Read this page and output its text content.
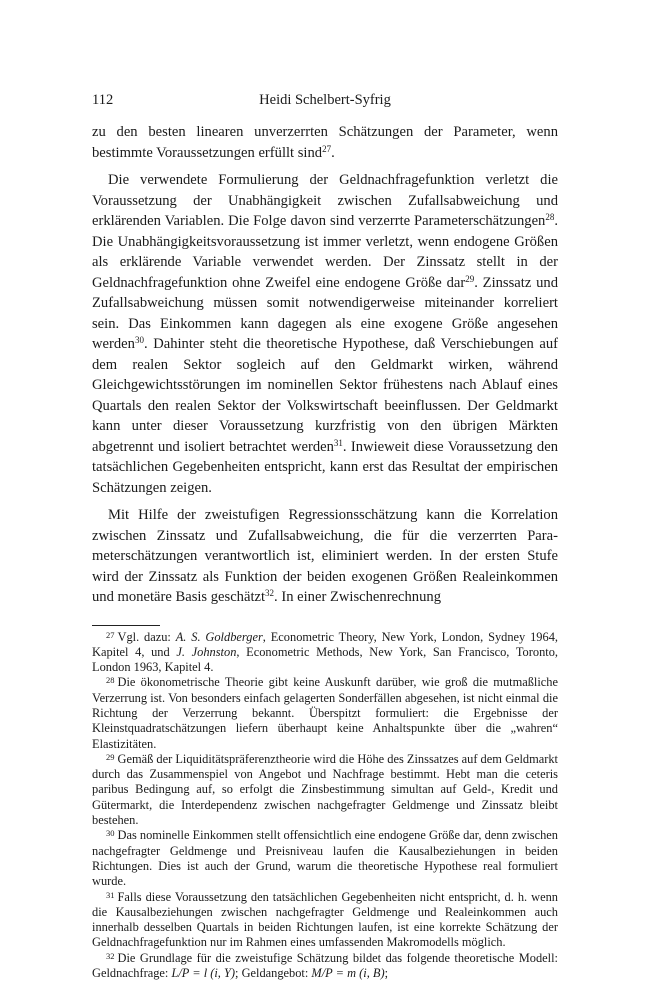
112	Heidi Schelbert-Syfrig

zu den besten linearen unverzerrten Schätzungen der Parameter, wenn bestimmte Voraussetzungen erfüllt sind$^{27}$.

Die verwendete Formulierung der Geldnachfragefunktion verletzt die Voraussetzung der Unabhängigkeit zwischen Zufallsabweichung und erklärenden Variablen. Die Folge davon sind verzerrte Parameterschätzungen$^{28}$. Die Unabhängigkeitsvoraussetzung ist immer verletzt, wenn endogene Größen als erklärende Variable verwendet werden. Der Zinssatz stellt in der Geldnachfragefunktion ohne Zweifel eine endogene Größe dar$^{29}$. Zinssatz und Zufallsabweichung müssen somit notwendigerweise miteinander korreliert sein. Das Einkommen kann dagegen als eine exogene Größe angesehen werden$^{30}$. Dahinter steht die theoretische Hypothese, daß Verschiebungen auf dem realen Sektor sogleich auf den Geldmarkt wirken, während Gleichgewichtsstörungen im nominellen Sektor frühestens nach Ablauf eines Quartals den realen Sektor der Volkswirtschaft beeinflussen. Der Geldmarkt kann unter dieser Voraussetzung kurzfristig von den übrigen Märkten abgetrennt und isoliert betrachtet werden$^{31}$. Inwieweit diese Voraussetzung den tatsächlichen Gegebenheiten entspricht, kann erst das Resultat der empirischen Schätzungen zeigen.

Mit Hilfe der zweistufigen Regressionsschätzung kann die Korrelation zwischen Zinssatz und Zufallsabweichung, die für die verzerrten Parameterschätzungen verantwortlich ist, eliminiert werden. In der ersten Stufe wird der Zinssatz als Funktion der beiden exogenen Größen Realeinkommen und monetäre Basis geschätzt$^{32}$. In einer Zwischenrechnung

$^{27}$ Vgl. dazu: A. S. Goldberger, Econometric Theory, New York, London, Sydney 1964, Kapitel 4, und J. Johnston, Econometric Methods, New York, San Francisco, Toronto, London 1963, Kapitel 4.

$^{28}$ Die ökonometrische Theorie gibt keine Auskunft darüber, wie groß die mutmaßliche Verzerrung ist. Von besonders einfach gelagerten Sonderfällen abgesehen, ist nicht einmal die Richtung der Verzerrung bekannt. Überspitzt formuliert: die Ergebnisse der Kleinstquadratschätzungen liefern überhaupt keine Anhaltspunkte über die „wahren“ Elastizitäten.

$^{29}$ Gemäß der Liquiditätspräferenztheorie wird die Höhe des Zinssatzes auf dem Geldmarkt durch das Zusammenspiel von Angebot und Nachfrage bestimmt. Hebt man die ceteris paribus Bedingung auf, so erfolgt die Zinsbestimmung simultan auf Geld-, Kredit und Gütermarkt, die Interdependenz zwischen nachgefragter Geldmenge und Zinssatz bleibt bestehen.

$^{30}$ Das nominelle Einkommen stellt offensichtlich eine endogene Größe dar, denn zwischen nachgefragter Geldmenge und Preisniveau laufen die Kausalbeziehungen in beiden Richtungen. Dies ist auch der Grund, warum die theoretische Hypothese real formuliert wurde.

$^{31}$ Falls diese Voraussetzung den tatsächlichen Gegebenheiten nicht entspricht, d. h. wenn die Kausalbeziehungen zwischen nachgefragter Geldmenge und Realeinkommen auch innerhalb desselben Quartals in beiden Richtungen laufen, ist eine korrekte Schätzung der Geldnachfragefunktion nur im Rahmen eines umfassenden Makromodells möglich.

$^{32}$ Die Grundlage für die zweistufige Schätzung bildet das folgende theoretische Modell: Geldnachfrage: L/P = l (i, Y); Geldangebot: M/P = m (i, B);
